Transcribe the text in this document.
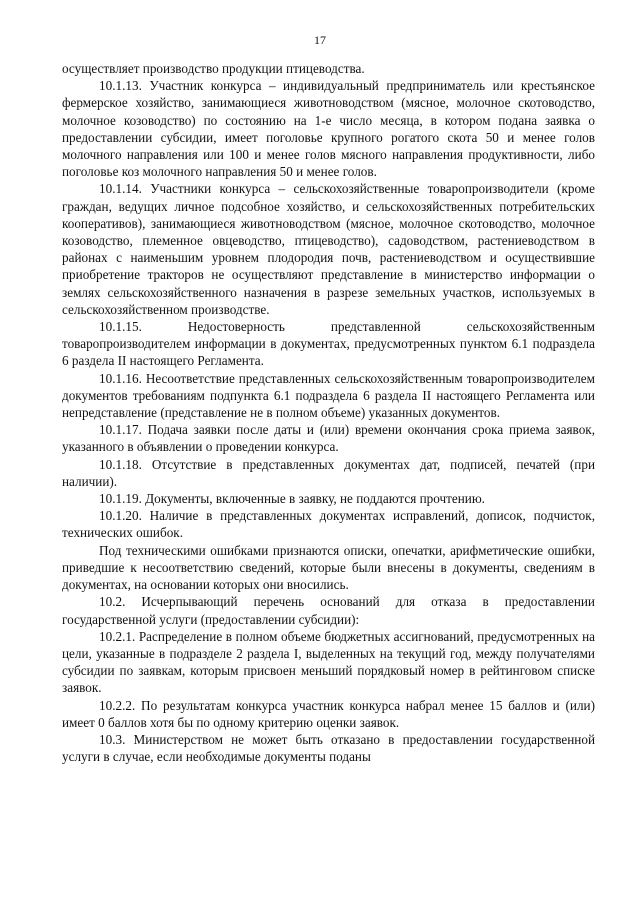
17

осуществляет производство продукции птицеводства.

10.1.13. Участник конкурса – индивидуальный предприниматель или крестьянское фермерское хозяйство, занимающиеся животноводством (мясное, молочное скотоводство, молочное козоводство) по состоянию на 1-е число месяца, в котором подана заявка о предоставлении субсидии, имеет поголовье крупного рогатого скота 50 и менее голов молочного направления или 100 и менее голов мясного направления продуктивности, либо поголовье коз молочного направления 50 и менее голов.

10.1.14. Участники конкурса – сельскохозяйственные товаропроизводители (кроме граждан, ведущих личное подсобное хозяйство, и сельскохозяйственных потребительских кооперативов), занимающиеся животноводством (мясное, молочное скотоводство, молочное козоводство, племенное овцеводство, птицеводство), садоводством, растениеводством в районах с наименьшим уровнем плодородия почв, растениеводством и осуществившие приобретение тракторов не осуществляют представление в министерство информации о землях сельскохозяйственного назначения в разрезе земельных участков, используемых в сельскохозяйственном производстве.

10.1.15. Недостоверность представленной сельскохозяйственным товаропроизводителем информации в документах, предусмотренных пунктом 6.1 подраздела 6 раздела II настоящего Регламента.

10.1.16. Несоответствие представленных сельскохозяйственным товаропроизводителем документов требованиям подпункта 6.1 подраздела 6 раздела II настоящего Регламента или непредставление (представление не в полном объеме) указанных документов.

10.1.17. Подача заявки после даты и (или) времени окончания срока приема заявок, указанного в объявлении о проведении конкурса.

10.1.18. Отсутствие в представленных документах дат, подписей, печатей (при наличии).

10.1.19. Документы, включенные в заявку, не поддаются прочтению.

10.1.20. Наличие в представленных документах исправлений, дописок, подчисток, технических ошибок.

Под техническими ошибками признаются описки, опечатки, арифметические ошибки, приведшие к несоответствию сведений, которые были внесены в документы, сведениям в документах, на основании которых они вносились.

10.2. Исчерпывающий перечень оснований для отказа в предоставлении государственной услуги (предоставлении субсидии):

10.2.1. Распределение в полном объеме бюджетных ассигнований, предусмотренных на цели, указанные в подразделе 2 раздела I, выделенных на текущий год, между получателями субсидии по заявкам, которым присвоен меньший порядковый номер в рейтинговом списке заявок.

10.2.2. По результатам конкурса участник конкурса набрал менее 15 баллов и (или) имеет 0 баллов хотя бы по одному критерию оценки заявок.

10.3. Министерством не может быть отказано в предоставлении государственной услуги в случае, если необходимые документы поданы
